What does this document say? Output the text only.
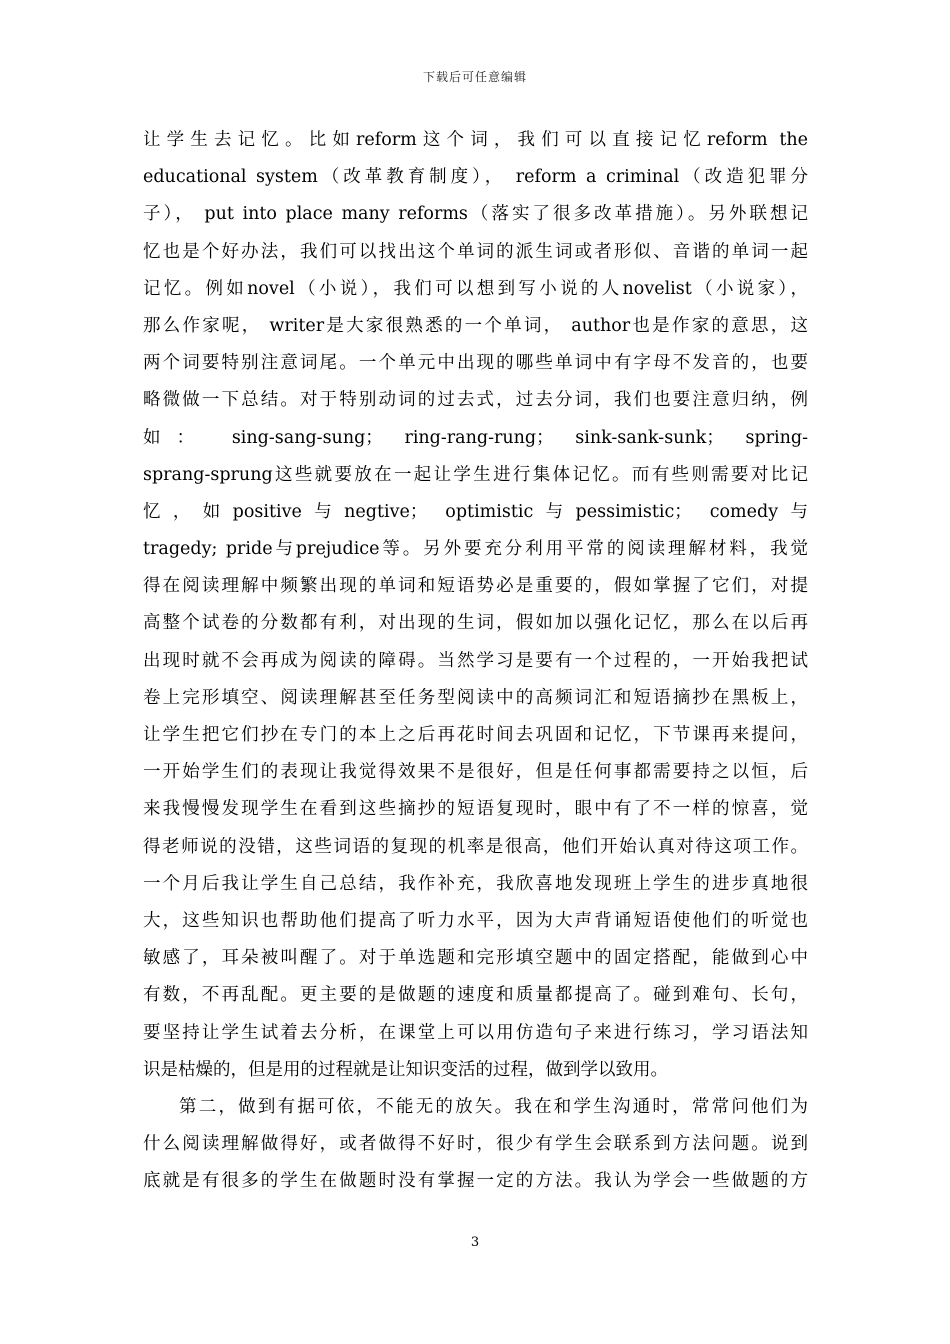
下载后可任意编辑
让学生去记忆。比如reform这个词，我们可以直接记忆reform the
educational system（改革教育制度）， reform a criminal（改造犯罪分
子）， put into place many reforms（落实了很多改革措施）。另外联想记
忆也是个好办法，我们可以找出这个单词的派生词或者形似、音谐的单词一起
记忆。例如novel（小说），我们可以想到写小说的人novelist（小说家），
那么作家呢， writer是大家很熟悉的一个单词， author也是作家的意思，这
两个词要特别注意词尾。一个单元中出现的哪些单词中有字母不发音的，也要
略微做一下总结。对于特别动词的过去式，过去分词，我们也要注意归纳，例
如： sing-sang-sung； ring-rang-rung； sink-sank-sunk； spring-
sprang-sprung这些就要放在一起让学生进行集体记忆。而有些则需要对比记
忆，如positive与negtive； optimistic与pessimistic； comedy与
tragedy; pride与prejudice等。另外要充分利用平常的阅读理解材料，我觉
得在阅读理解中频繁出现的单词和短语势必是重要的，假如掌握了它们，对提
高整个试卷的分数都有利，对出现的生词，假如加以强化记忆，那么在以后再
出现时就不会再成为阅读的障碍。当然学习是要有一个过程的，一开始我把试
卷上完形填空、阅读理解甚至任务型阅读中的高频词汇和短语摘抄在黑板上，
让学生把它们抄在专门的本上之后再花时间去巩固和记忆，下节课再来提问，
一开始学生们的表现让我觉得效果不是很好，但是任何事都需要持之以恒，后
来我慢慢发现学生在看到这些摘抄的短语复现时，眼中有了不一样的惊喜，觉
得老师说的没错，这些词语的复现的机率是很高，他们开始认真对待这项工作。
一个月后我让学生自己总结，我作补充，我欣喜地发现班上学生的进步真地很
大，这些知识也帮助他们提高了听力水平，因为大声背诵短语使他们的听觉也
敏感了，耳朵被叫醒了。对于单选题和完形填空题中的固定搭配，能做到心中
有数，不再乱配。更主要的是做题的速度和质量都提高了。碰到难句、长句，
要坚持让学生试着去分析，在课堂上可以用仿造句子来进行练习，学习语法知
识是枯燥的，但是用的过程就是让知识变活的过程，做到学以致用。
第二，做到有据可依，不能无的放矢。我在和学生沟通时，常常问他们为
什么阅读理解做得好，或者做得不好时，很少有学生会联系到方法问题。说到
底就是有很多的学生在做题时没有掌握一定的方法。我认为学会一些做题的方
3
